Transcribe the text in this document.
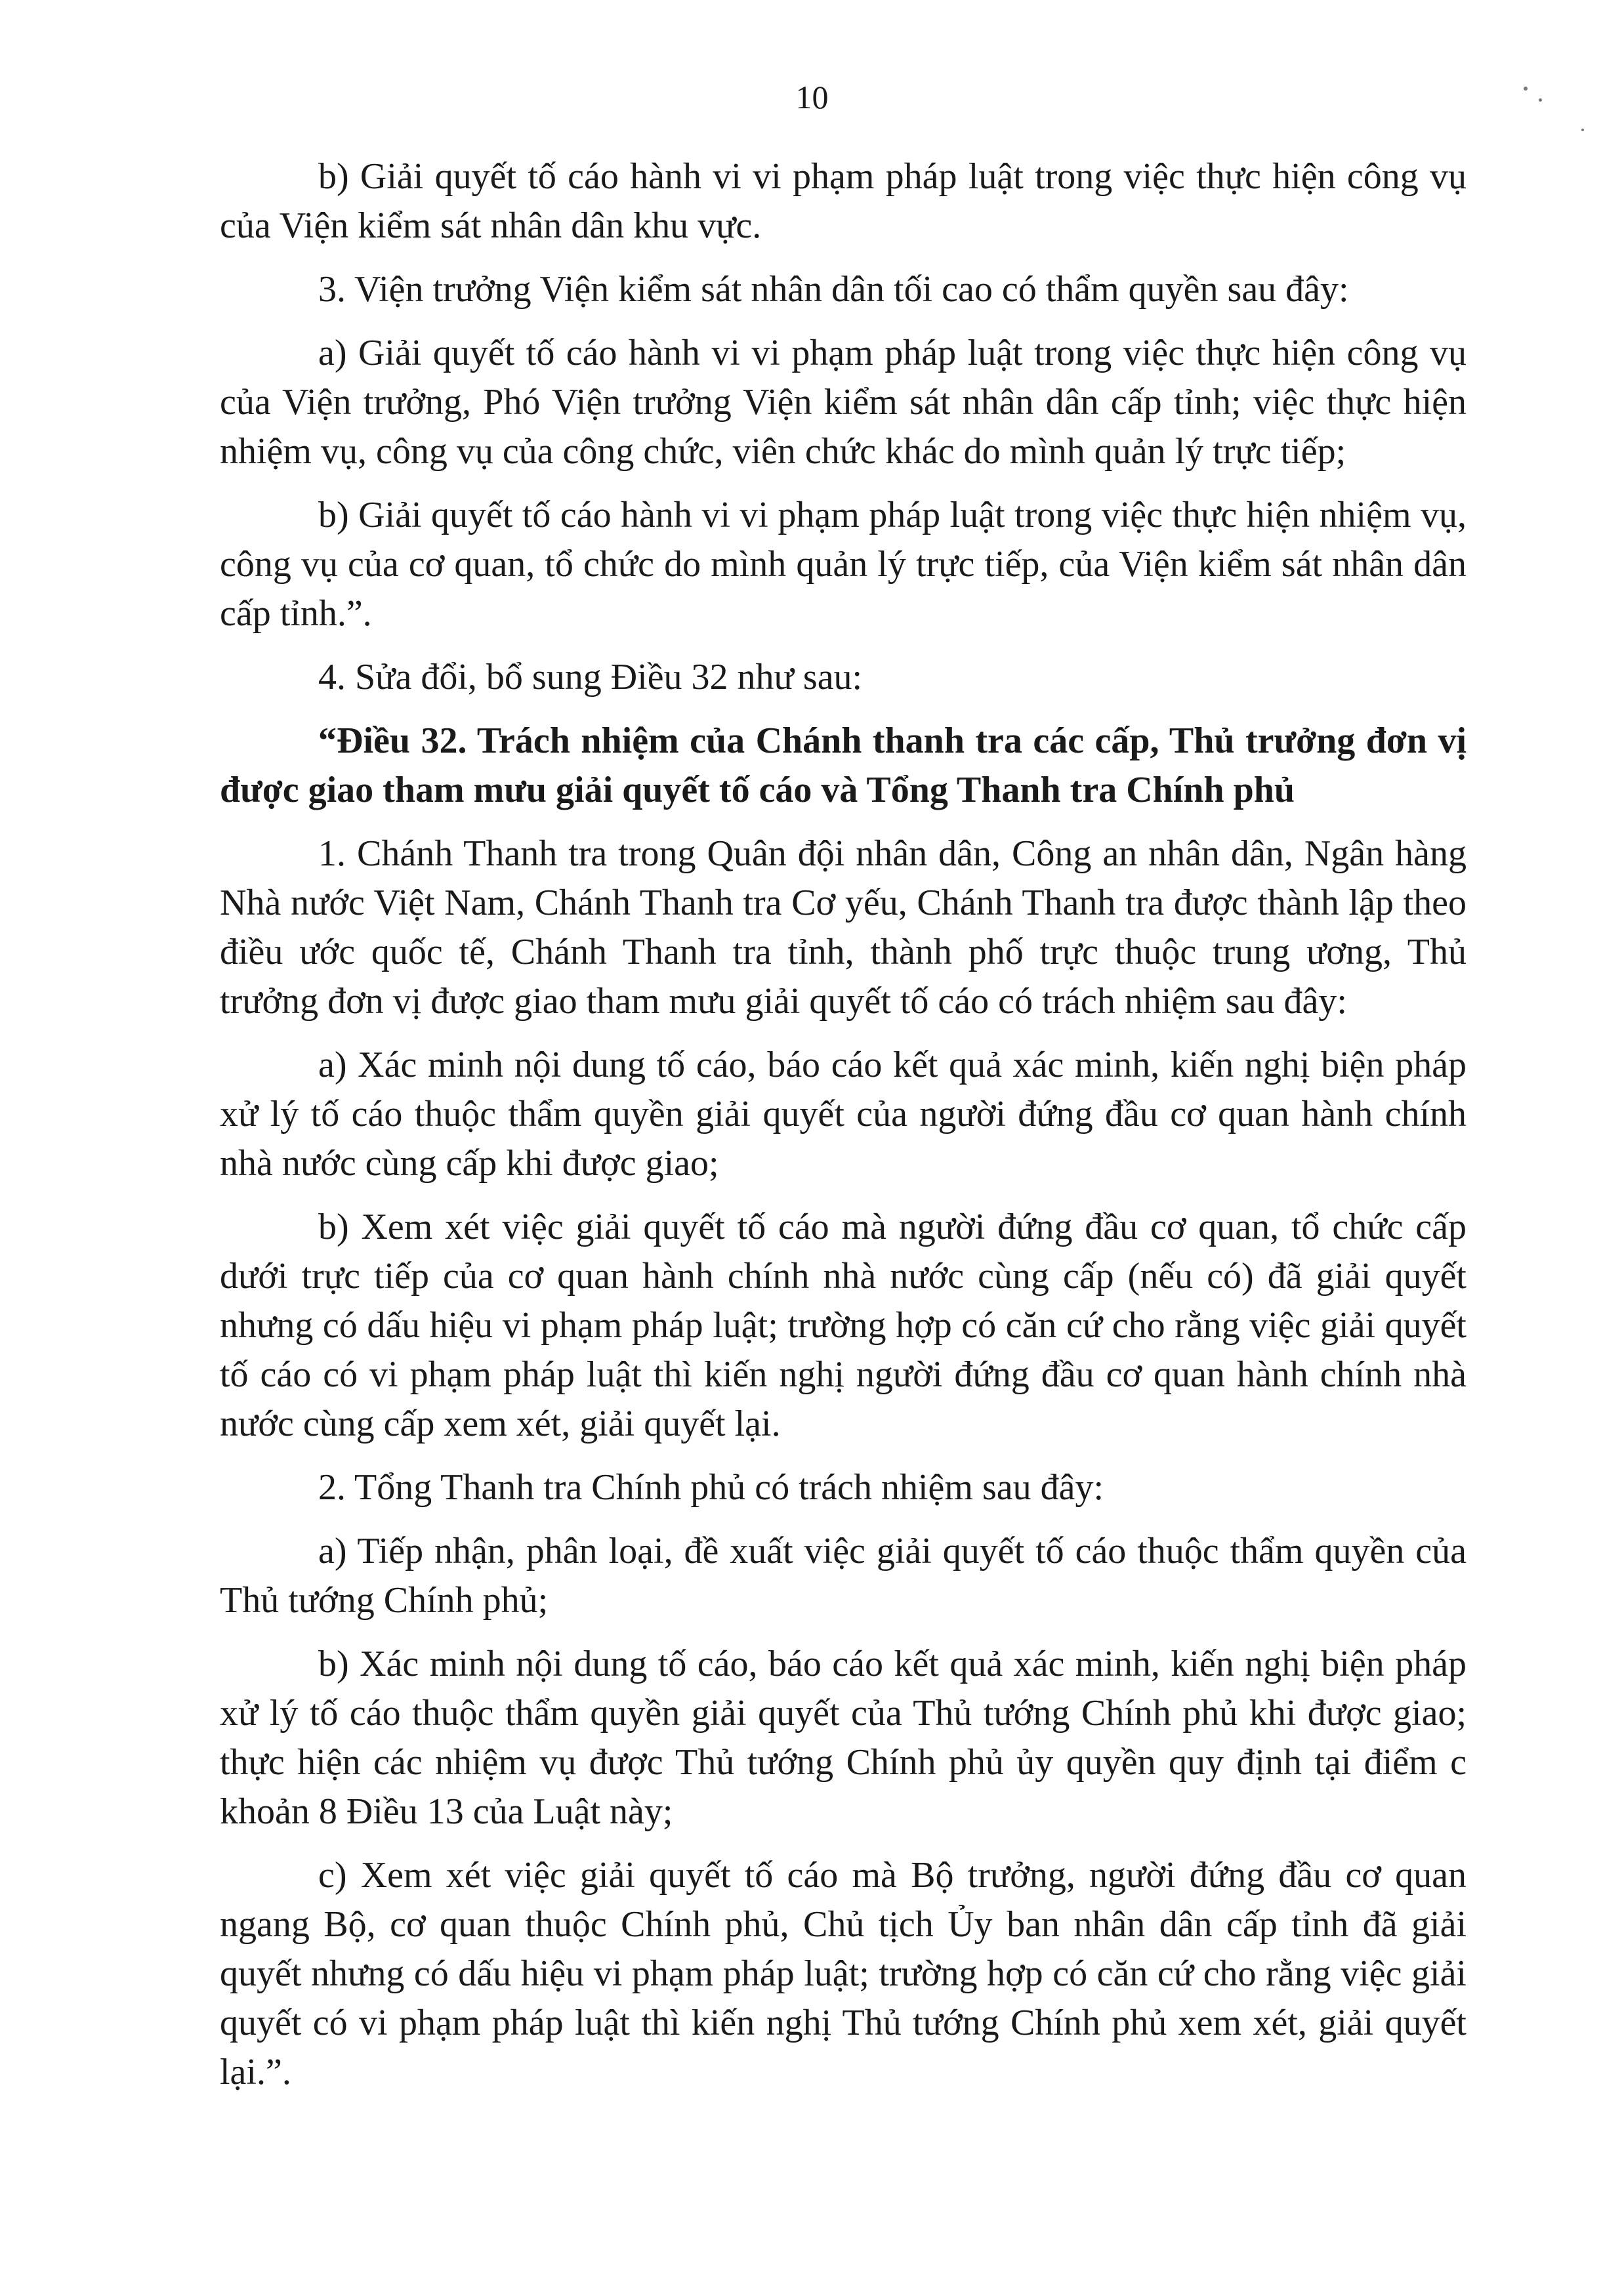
10

b) Giải quyết tố cáo hành vi vi phạm pháp luật trong việc thực hiện công vụ của Viện kiểm sát nhân dân khu vực.

3. Viện trưởng Viện kiểm sát nhân dân tối cao có thẩm quyền sau đây:

a) Giải quyết tố cáo hành vi vi phạm pháp luật trong việc thực hiện công vụ của Viện trưởng, Phó Viện trưởng Viện kiểm sát nhân dân cấp tỉnh; việc thực hiện nhiệm vụ, công vụ của công chức, viên chức khác do mình quản lý trực tiếp;

b) Giải quyết tố cáo hành vi vi phạm pháp luật trong việc thực hiện nhiệm vụ, công vụ của cơ quan, tổ chức do mình quản lý trực tiếp, của Viện kiểm sát nhân dân cấp tỉnh.”.

4. Sửa đổi, bổ sung Điều 32 như sau:

“Điều 32. Trách nhiệm của Chánh thanh tra các cấp, Thủ trưởng đơn vị được giao tham mưu giải quyết tố cáo và Tổng Thanh tra Chính phủ

1. Chánh Thanh tra trong Quân đội nhân dân, Công an nhân dân, Ngân hàng Nhà nước Việt Nam, Chánh Thanh tra Cơ yếu, Chánh Thanh tra được thành lập theo điều ước quốc tế, Chánh Thanh tra tỉnh, thành phố trực thuộc trung ương, Thủ trưởng đơn vị được giao tham mưu giải quyết tố cáo có trách nhiệm sau đây:

a) Xác minh nội dung tố cáo, báo cáo kết quả xác minh, kiến nghị biện pháp xử lý tố cáo thuộc thẩm quyền giải quyết của người đứng đầu cơ quan hành chính nhà nước cùng cấp khi được giao;

b) Xem xét việc giải quyết tố cáo mà người đứng đầu cơ quan, tổ chức cấp dưới trực tiếp của cơ quan hành chính nhà nước cùng cấp (nếu có) đã giải quyết nhưng có dấu hiệu vi phạm pháp luật; trường hợp có căn cứ cho rằng việc giải quyết tố cáo có vi phạm pháp luật thì kiến nghị người đứng đầu cơ quan hành chính nhà nước cùng cấp xem xét, giải quyết lại.

2. Tổng Thanh tra Chính phủ có trách nhiệm sau đây:

a) Tiếp nhận, phân loại, đề xuất việc giải quyết tố cáo thuộc thẩm quyền của Thủ tướng Chính phủ;

b) Xác minh nội dung tố cáo, báo cáo kết quả xác minh, kiến nghị biện pháp xử lý tố cáo thuộc thẩm quyền giải quyết của Thủ tướng Chính phủ khi được giao; thực hiện các nhiệm vụ được Thủ tướng Chính phủ ủy quyền quy định tại điểm c khoản 8 Điều 13 của Luật này;

c) Xem xét việc giải quyết tố cáo mà Bộ trưởng, người đứng đầu cơ quan ngang Bộ, cơ quan thuộc Chính phủ, Chủ tịch Ủy ban nhân dân cấp tỉnh đã giải quyết nhưng có dấu hiệu vi phạm pháp luật; trường hợp có căn cứ cho rằng việc giải quyết có vi phạm pháp luật thì kiến nghị Thủ tướng Chính phủ xem xét, giải quyết lại.”.
